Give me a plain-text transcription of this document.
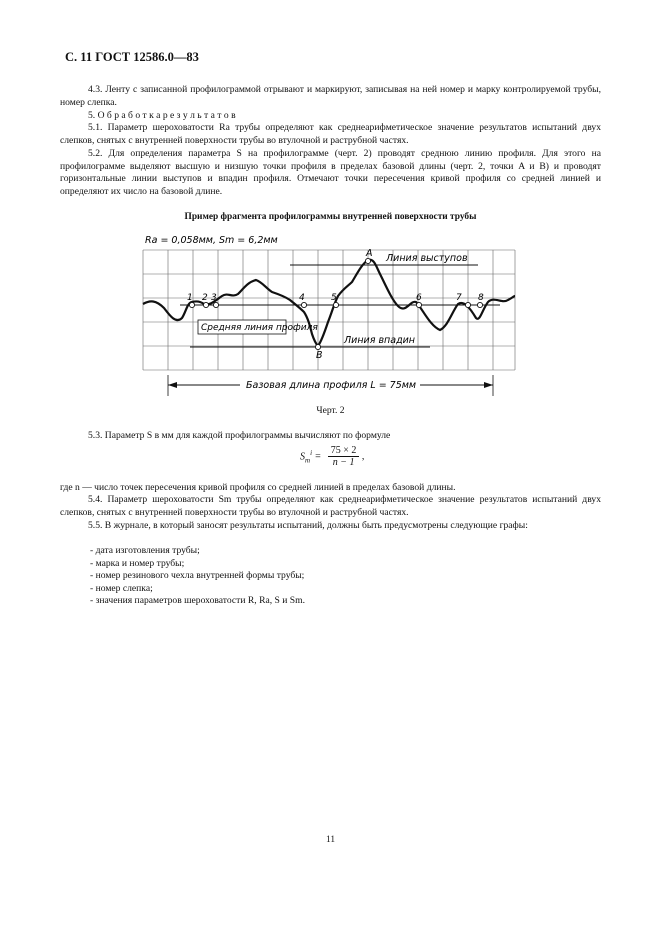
С. 11 ГОСТ 12586.0—83
4.3. Ленту с записанной профилограммой отрывают и маркируют, записывая на ней номер и марку контролируемой трубы, номер слепка.
5. О б р а б о т к а р е з у л ь т а т о в
5.1. Параметр шероховатости Ra трубы определяют как среднеарифметическое значение результатов испытаний двух слепков, снятых с внутренней поверхности трубы во втулочной и раструбной частях.
5.2. Для определения параметра S на профилограмме (черт. 2) проводят среднюю линию профиля. Для этого на профилограмме выделяют высшую и низшую точки профиля в пределах базовой длины (черт. 2, точки A и B) и проводят горизонтальные линии выступов и впадин профиля. Отмечают точки пересечения кривой профиля со средней линией и определяют их число на базовой длине.
Пример фрагмента профилограммы внутренней поверхности трубы
Ra = 0,058мм, Sm = 6,2мм
Линия выступов
Линия впадин
Средняя линия профиля
A
B
1 2 3	4	5	6	7 8
Базовая длина профиля L = 75мм
Черт. 2
5.3. Параметр S в мм для каждой профилограммы вычисляют по формуле
$S_m^i = \frac{75 \times 2}{n - 1}$ ,
где n — число точек пересечения кривой профиля со средней линией в пределах базовой длины.
5.4. Параметр шероховатости Sm трубы определяют как среднеарифметическое значение результатов испытаний двух слепков, снятых с внутренней поверхности трубы во втулочной и раструбной частях.
5.5. В журнале, в который заносят результаты испытаний, должны быть предусмотрены следующие графы:
- дата изготовления трубы;
- марка и номер трубы;
- номер резинового чехла внутренней формы трубы;
- номер слепка;
- значения параметров шероховатости R, Ra, S и Sm.
11
